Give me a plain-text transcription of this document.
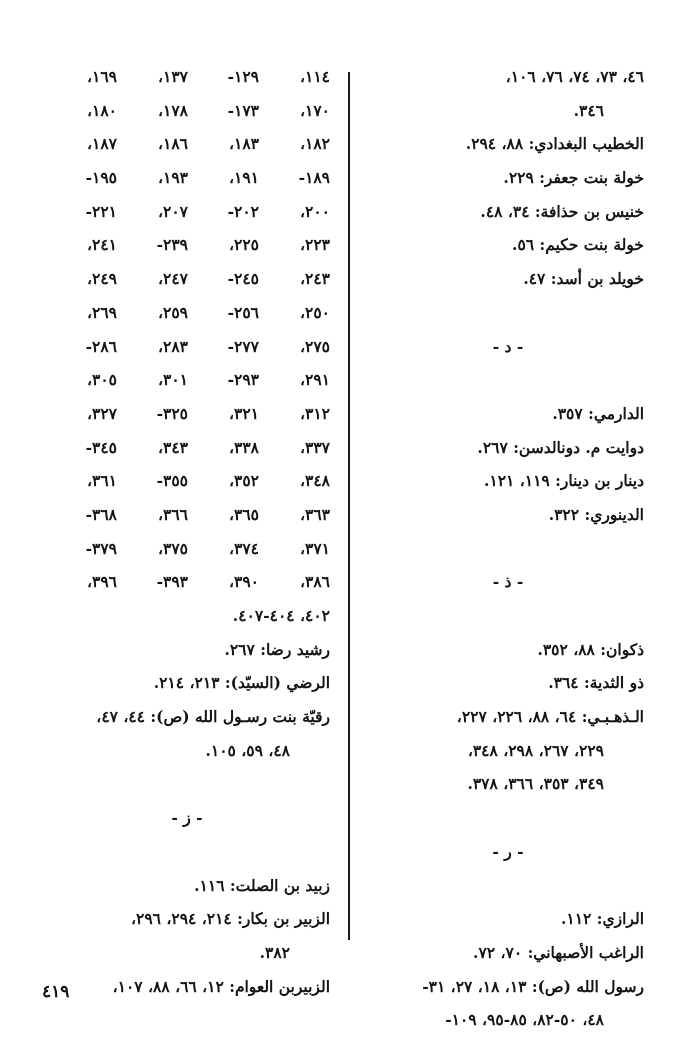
٤٦، ٧٣، ٧٤، ٧٦، ١٠٦،
٣٤٦.
الخطيب البغدادي: ٨٨، ٢٩٤.
خولة بنت جعفر: ٢٢٩.
خنيس بن حذافة: ٣٤، ٤٨.
خولة بنت حكيم: ٥٦.
خويلد بن أسد: ٤٧.
- د -
الدارمي: ٣٥٧.
دوايت م. دونالدسن: ٢٦٧.
دينار بن دينار: ١١٩، ١٢١.
الدينوري: ٣٢٢.
- ذ -
ذكوان: ٨٨، ٣٥٢.
ذو الثدية: ٣٦٤.
الـذهـبـي: ٦٤، ٨٨، ٢٢٦، ٢٢٧،
٢٢٩، ٢٦٧، ٢٩٨، ٣٤٨،
٣٤٩، ٣٥٣، ٣٦٦، ٣٧٨.
- ر -
الرازي: ١١٢.
الراغب الأصبهاني: ٧٠، ٧٢.
رسول الله (ص): ١٣، ١٨، ٢٧، ٣١-
٤٨، ٥٠-٨٢، ٨٥-٩٥، ١٠٩-
١١٤،
١٢٩-
١٣٧،
١٦٩،
١٧٠،
١٧٣-
١٧٨،
١٨٠،
١٨٢،
١٨٣،
١٨٦،
١٨٧،
١٨٩-
١٩١،
١٩٣،
١٩٥-
٢٠٠،
٢٠٢-
٢٠٧،
٢٢١-
٢٢٣،
٢٢٥،
٢٣٩-
٢٤١،
٢٤٣،
٢٤٥-
٢٤٧،
٢٤٩،
٢٥٠،
٢٥٦-
٢٥٩،
٢٦٩،
٢٧٥،
٢٧٧-
٢٨٣،
٢٨٦-
٢٩١،
٢٩٣-
٣٠١،
٣٠٥،
٣١٢،
٣٢١،
٣٢٥-
٣٢٧،
٣٣٧،
٣٣٨،
٣٤٣،
٣٤٥-
٣٤٨،
٣٥٢،
٣٥٥-
٣٦١،
٣٦٣،
٣٦٥،
٣٦٦،
٣٦٨-
٣٧١،
٣٧٤،
٣٧٥،
٣٧٩-
٣٨٦،
٣٩٠،
٣٩٣-
٣٩٦،
٤٠٢، ٤٠٤-٤٠٧.
رشيد رضا: ٢٦٧.
الرضي (السيّد): ٢١٣، ٢١٤.
رقيّة بنت رسـول الله (ص): ٤٤، ٤٧،
٤٨، ٥٩، ١٠٥.
- ز -
زبيد بن الصلت: ١١٦.
الزبير بن بكار: ٢١٤، ٢٩٤، ٢٩٦،
٣٨٢.
الزبيربن العوام: ١٢، ٦٦، ٨٨، ١٠٧،
٤١٩
